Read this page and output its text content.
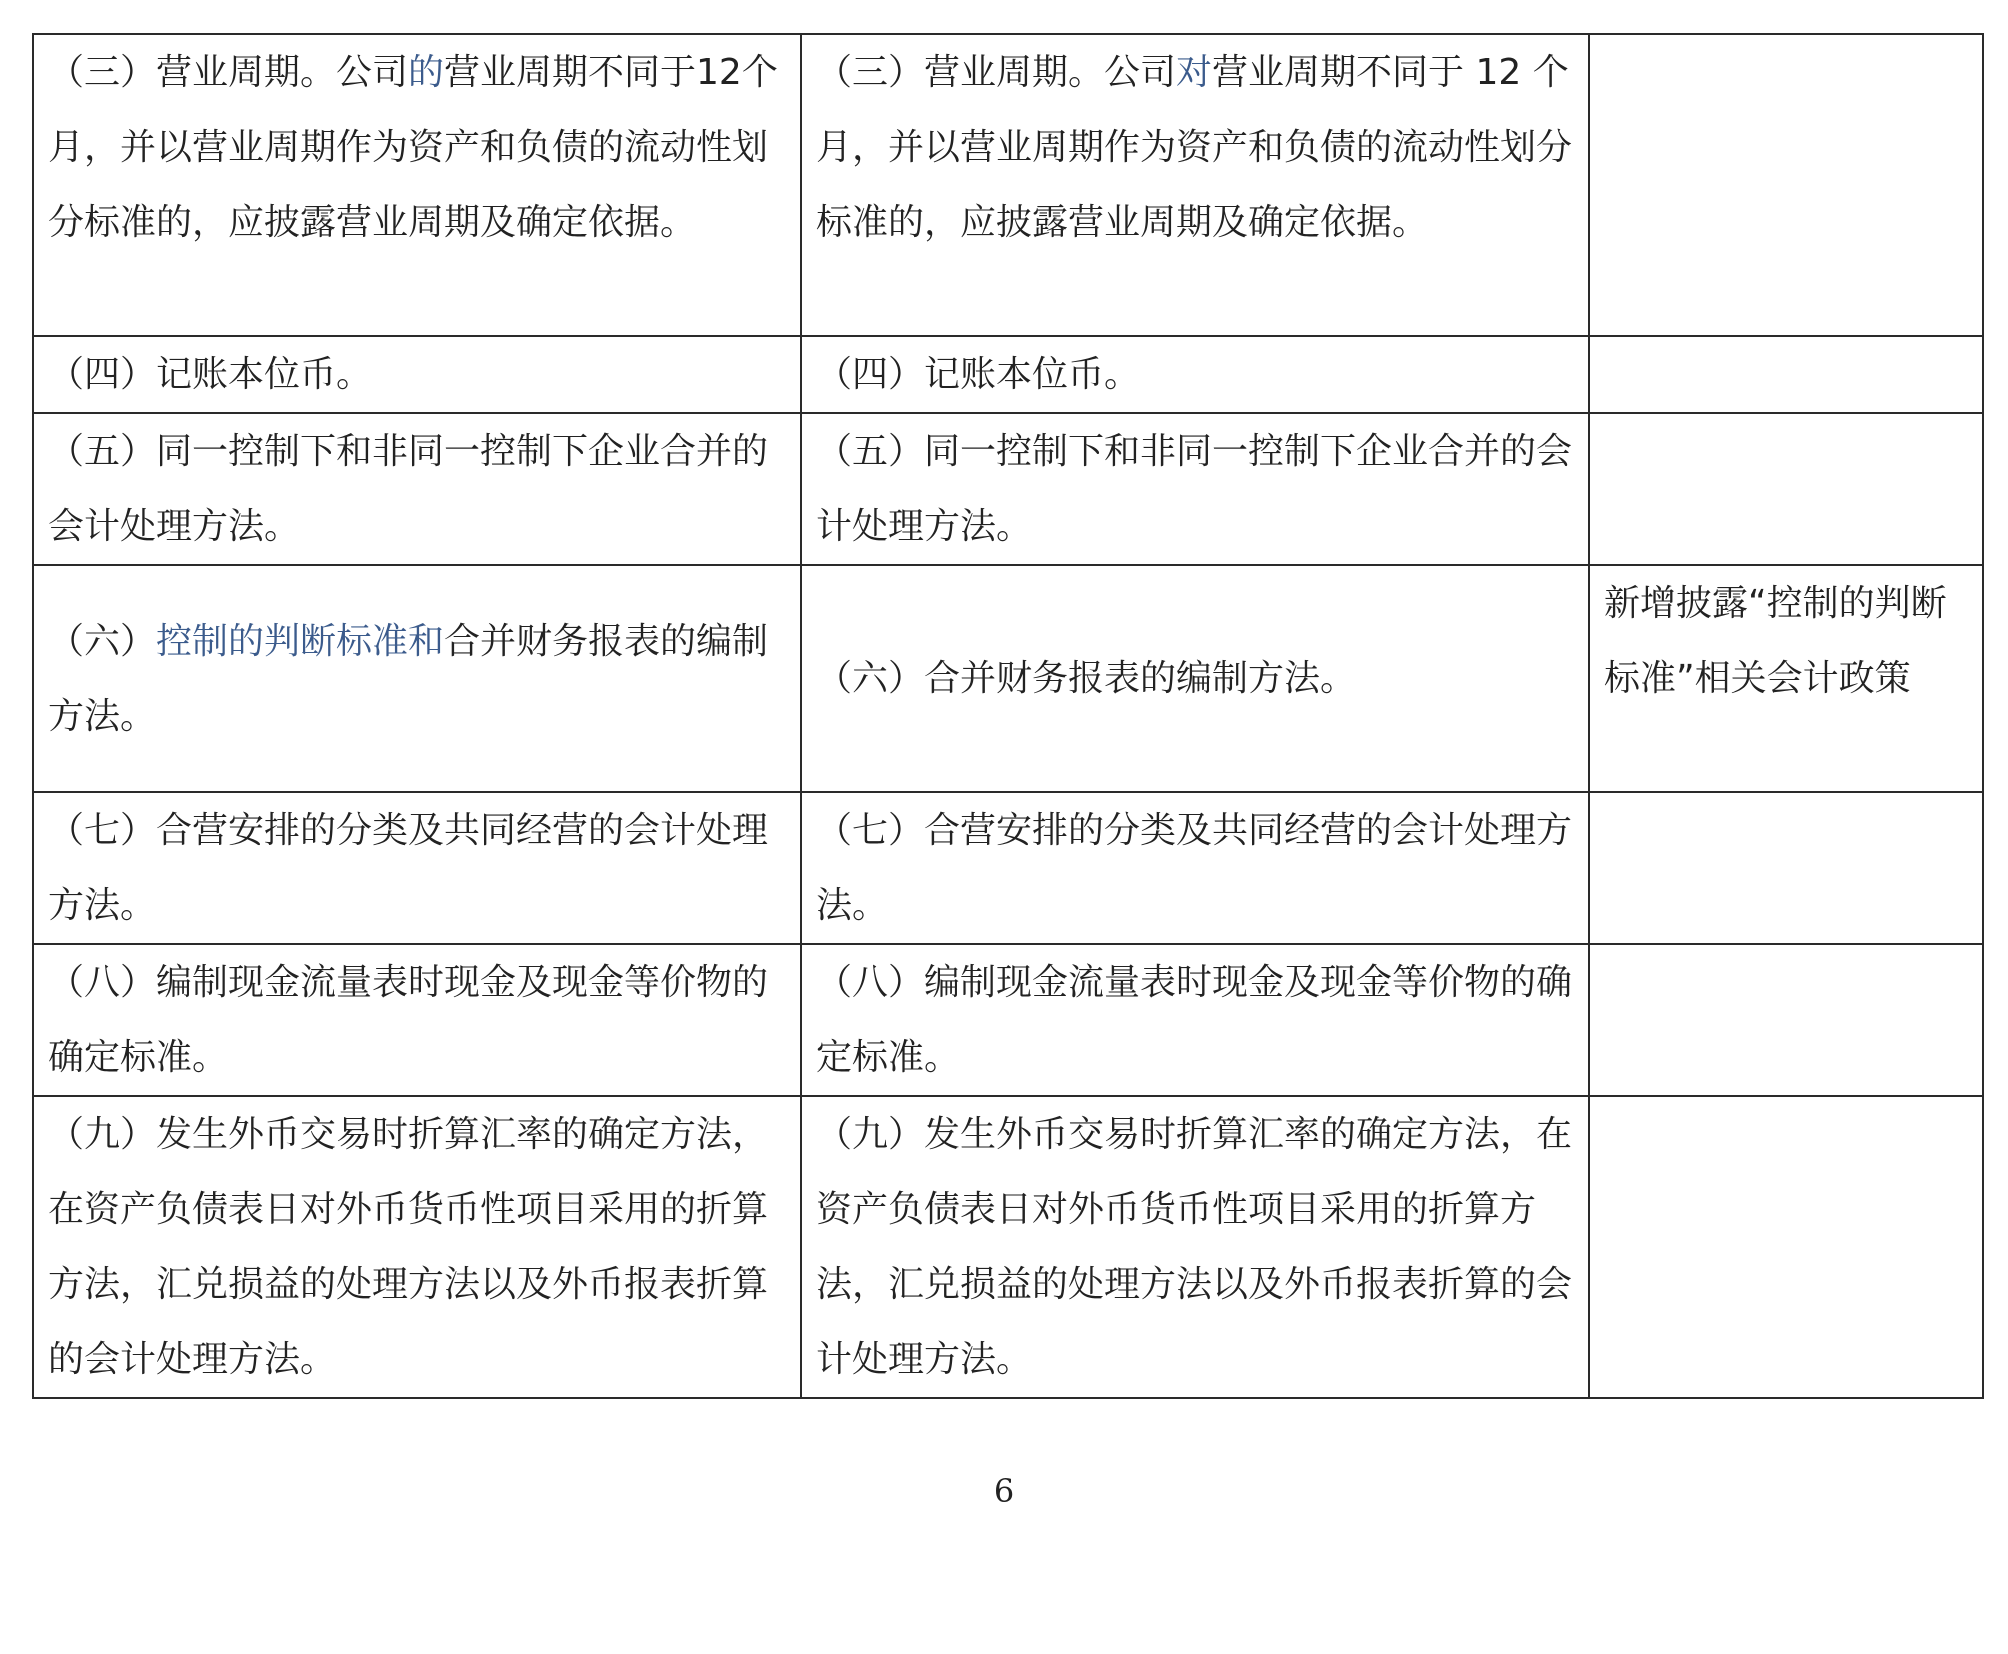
（三）营业周期。公司的营业周期不同于12个月，并以营业周期作为资产和负债的流动性划分标准的，应披露营业周期及确定依据。	（三）营业周期。公司对营业周期不同于 12 个月，并以营业周期作为资产和负债的流动性划分标准的，应披露营业周期及确定依据。	
（四）记账本位币。	（四）记账本位币。	
（五）同一控制下和非同一控制下企业合并的会计处理方法。	（五）同一控制下和非同一控制下企业合并的会计处理方法。	
（六）控制的判断标准和合并财务报表的编制方法。	（六）合并财务报表的编制方法。	新增披露“控制的判断标准”相关会计政策
（七）合营安排的分类及共同经营的会计处理方法。	（七）合营安排的分类及共同经营的会计处理方法。	
（八）编制现金流量表时现金及现金等价物的确定标准。	（八）编制现金流量表时现金及现金等价物的确定标准。	
（九）发生外币交易时折算汇率的确定方法，在资产负债表日对外币货币性项目采用的折算方法，汇兑损益的处理方法以及外币报表折算的会计处理方法。	（九）发生外币交易时折算汇率的确定方法，在资产负债表日对外币货币性项目采用的折算方法，汇兑损益的处理方法以及外币报表折算的会计处理方法。	
6
